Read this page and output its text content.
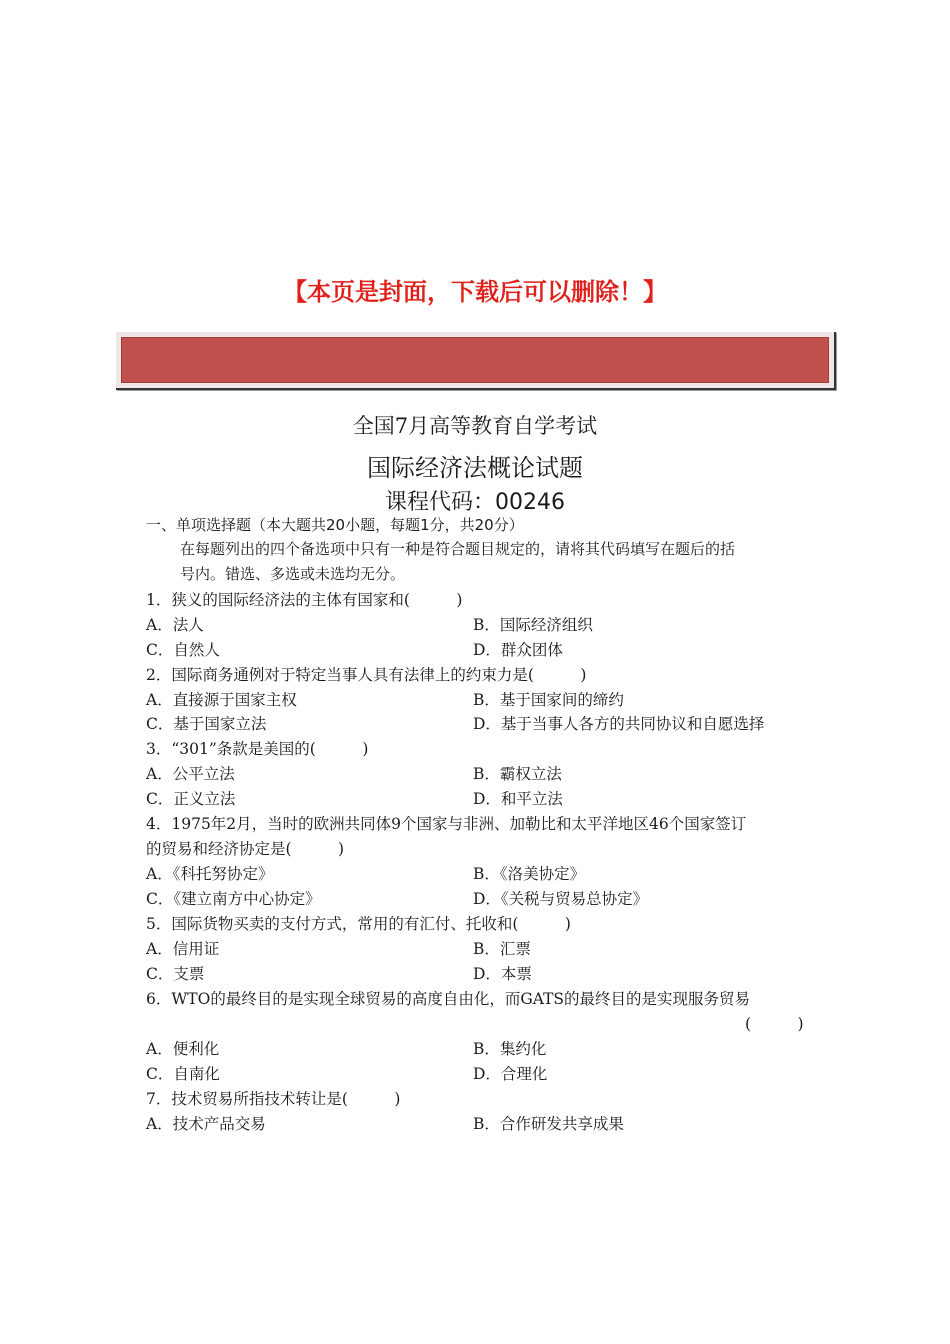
【本页是封面，下载后可以删除！】
全国7月高等教育自学考试
国际经济法概论试题
课程代码：00246
一、单项选择题（本大题共20小题，每题1分，共20分）
在每题列出的四个备选项中只有一种是符合题目规定的，请将其代码填写在题后的括
号内。错选、多选或未选均无分。
1．狭义的国际经济法的主体有国家和(　　　)
A．法人	B．国际经济组织
C．自然人	D．群众团体
2．国际商务通例对于特定当事人具有法律上的约束力是(　　　)
A．直接源于国家主权	B．基于国家间的缔约
C．基于国家立法	D．基于当事人各方的共同协议和自愿选择
3．“301”条款是美国的(　　　)
A．公平立法	B．霸权立法
C．正义立法	D．和平立法
4．1975年2月，当时的欧洲共同体9个国家与非洲、加勒比和太平洋地区46个国家签订
的贸易和经济协定是(　　　)
A．《科托努协定》	B．《洛美协定》
C．《建立南方中心协定》	D．《关税与贸易总协定》
5．国际货物买卖的支付方式，常用的有汇付、托收和(　　　)
A．信用证	B．汇票
C．支票	D．本票
6．WTO的最终目的是实现全球贸易的高度自由化，而GATS的最终目的是实现服务贸易
(　　　)
A．便利化	B．集约化
C．自南化	D．合理化
7．技术贸易所指技术转让是(　　　)
A．技术产品交易	B．合作研发共享成果
